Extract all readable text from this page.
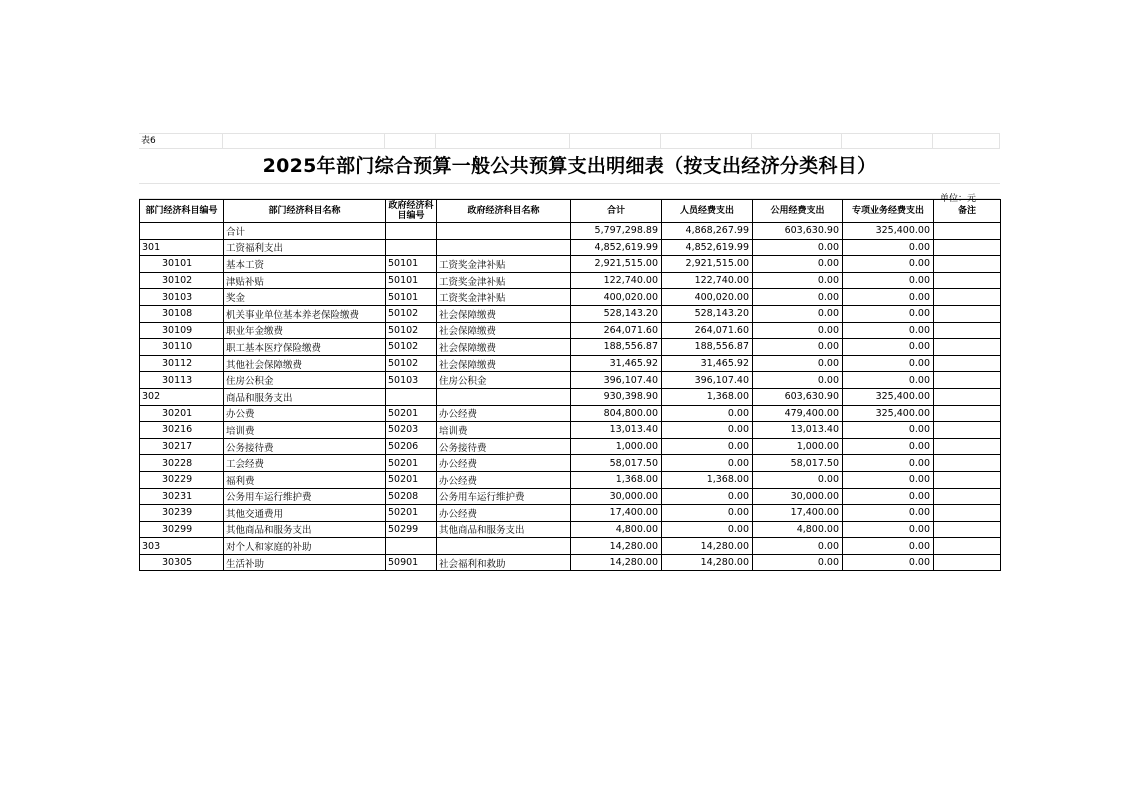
表6
2025年部门综合预算一般公共预算支出明细表（按支出经济分类科目）
单位：元
部门经济科目编号	部门经济科目名称	政府经济科目编号	政府经济科目名称	合计	人员经费支出	公用经费支出	专项业务经费支出	备注
	合计			5,797,298.89	4,868,267.99	603,630.90	325,400.00	
301	工资福利支出			4,852,619.99	4,852,619.99	0.00	0.00	
30101	基本工资	50101	工资奖金津补贴	2,921,515.00	2,921,515.00	0.00	0.00	
30102	津贴补贴	50101	工资奖金津补贴	122,740.00	122,740.00	0.00	0.00	
30103	奖金	50101	工资奖金津补贴	400,020.00	400,020.00	0.00	0.00	
30108	机关事业单位基本养老保险缴费	50102	社会保障缴费	528,143.20	528,143.20	0.00	0.00	
30109	职业年金缴费	50102	社会保障缴费	264,071.60	264,071.60	0.00	0.00	
30110	职工基本医疗保险缴费	50102	社会保障缴费	188,556.87	188,556.87	0.00	0.00	
30112	其他社会保障缴费	50102	社会保障缴费	31,465.92	31,465.92	0.00	0.00	
30113	住房公积金	50103	住房公积金	396,107.40	396,107.40	0.00	0.00	
302	商品和服务支出			930,398.90	1,368.00	603,630.90	325,400.00	
30201	办公费	50201	办公经费	804,800.00	0.00	479,400.00	325,400.00	
30216	培训费	50203	培训费	13,013.40	0.00	13,013.40	0.00	
30217	公务接待费	50206	公务接待费	1,000.00	0.00	1,000.00	0.00	
30228	工会经费	50201	办公经费	58,017.50	0.00	58,017.50	0.00	
30229	福利费	50201	办公经费	1,368.00	1,368.00	0.00	0.00	
30231	公务用车运行维护费	50208	公务用车运行维护费	30,000.00	0.00	30,000.00	0.00	
30239	其他交通费用	50201	办公经费	17,400.00	0.00	17,400.00	0.00	
30299	其他商品和服务支出	50299	其他商品和服务支出	4,800.00	0.00	4,800.00	0.00	
303	对个人和家庭的补助			14,280.00	14,280.00	0.00	0.00	
30305	生活补助	50901	社会福利和救助	14,280.00	14,280.00	0.00	0.00	
